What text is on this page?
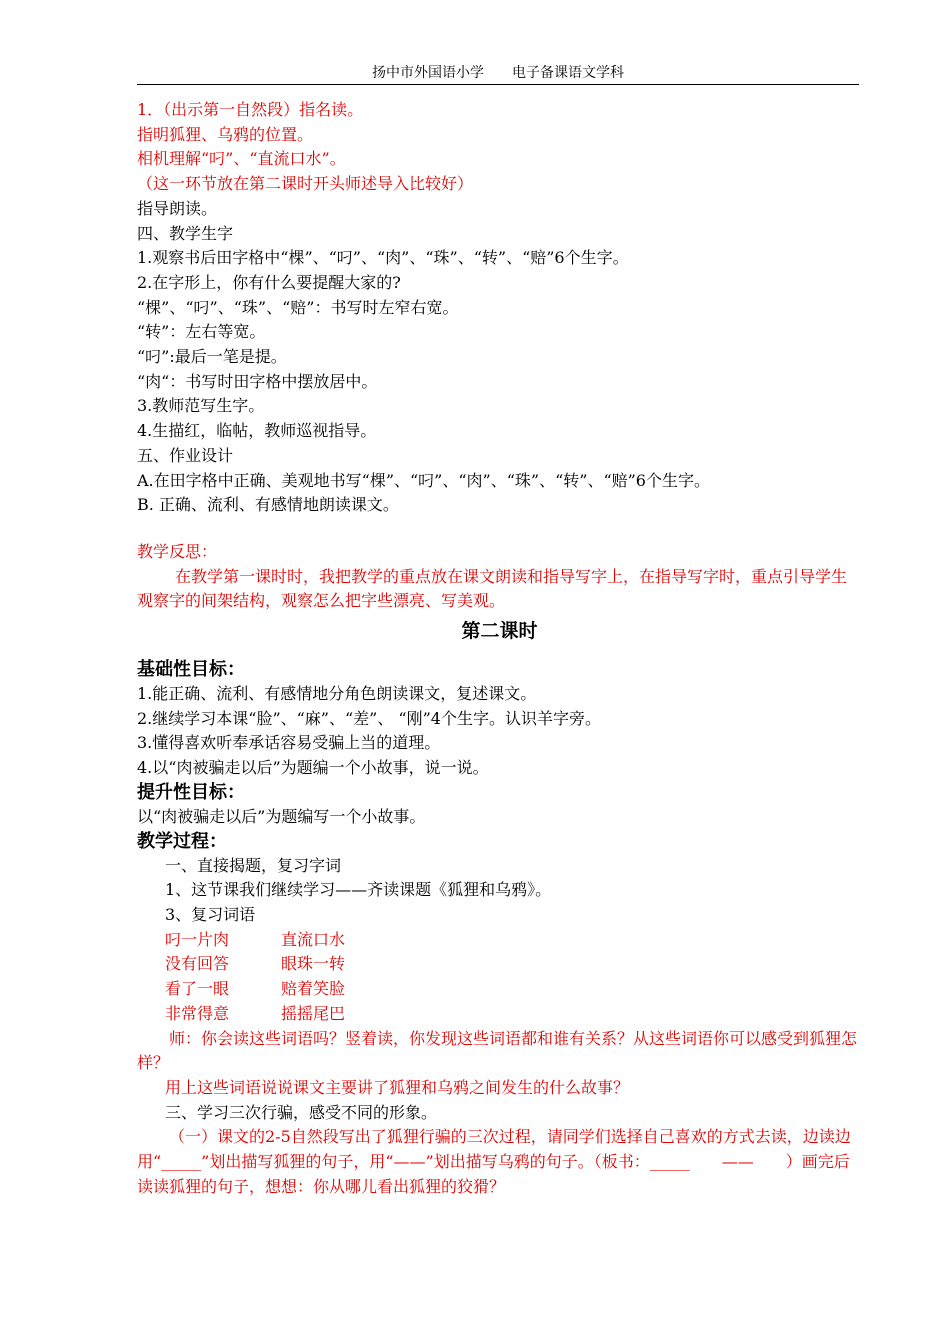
扬中市外国语小学　　电子备课语文学科
1．（出示第一自然段）指名读。
指明狐狸、乌鸦的位置。
相机理解“叼”、“直流口水”。
（这一环节放在第二课时开头师述导入比较好）
指导朗读。
四、教学生字
1.观察书后田字格中“棵”、“叼”、“肉”、“珠”、“转”、“赔”6个生字。
2.在字形上，你有什么要提醒大家的?
“棵”、“叼”、“珠”、“赔”：书写时左窄右宽。
“转”：左右等宽。
“叼”:最后一笔是提。
“肉“：书写时田字格中摆放居中。
3.教师范写生字。
4.生描红，临帖，教师巡视指导。
五、作业设计
A.在田字格中正确、美观地书写“棵”、“叼”、“肉”、“珠”、“转”、“赔”6个生字。
B. 正确、流利、有感情地朗读课文。
教学反思：
在教学第一课时时，我把教学的重点放在课文朗读和指导写字上，在指导写字时，重点引导学生观察字的间架结构，观察怎么把字些漂亮、写美观。
第二课时
基础性目标：
1.能正确、流利、有感情地分角色朗读课文，复述课文。
2.继续学习本课“脸”、“麻”、“差”、 “刚”4个生字。认识羊字旁。
3.懂得喜欢听奉承话容易受骗上当的道理。
4.以“肉被骗走以后”为题编一个小故事，说一说。
提升性目标：
以“肉被骗走以后”为题编写一个小故事。
教学过程：
一、直接揭题，复习字词
1、这节课我们继续学习——齐读课题《狐狸和乌鸦》。
3、复习词语
叼一片肉	直流口水
没有回答	眼珠一转
看了一眼	赔着笑脸
非常得意	摇摇尾巴
师：你会读这些词语吗？竖着读，你发现这些词语都和谁有关系？从这些词语你可以感受到狐狸怎样？
用上这些词语说说课文主要讲了狐狸和乌鸦之间发生的什么故事？
三、学习三次行骗，感受不同的形象。
（一）课文的2-5自然段写出了狐狸行骗的三次过程，请同学们选择自己喜欢的方式去读，边读边用“_____”划出描写狐狸的句子，用“——”划出描写乌鸦的句子。（板书：_____　　——　　）画完后读读狐狸的句子，想想：你从哪儿看出狐狸的狡猾？
